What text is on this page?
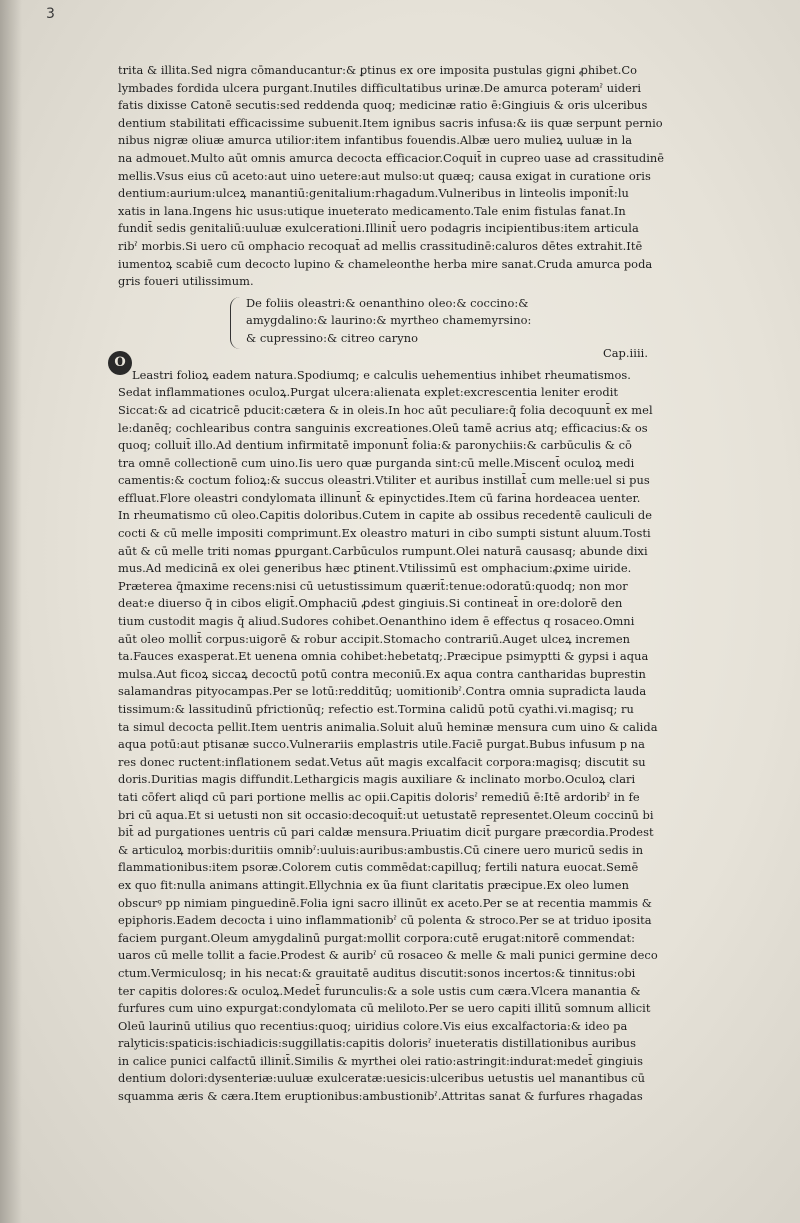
3
trita & illita.Sed nigra cōmanducantur:& ꝑtinus ex ore imposita pustulas gigni ꝓhibet.Co
lymbades fordida ulcera purgant.Inutiles difficultatibus urinæ.De amurca poteramˀ uideri
fatis dixisse Catonē secutis:sed reddenda quoq; medicinæ ratio ē:Gingiuis & oris ulceribus
dentium stabilitati efficacissime subuenit.Item ignibus sacris infusa:& iis quæ serpunt pernio
nibus nigræ oliuæ amurca utilior:item infantibus fouendis.Albæ uero mulieꝝ uuluæ in la
na admouet.Multo aūt omnis amurca decocta efficacior.Coquit̄ in cupreo uase ad crassitudinē
mellis.Vsus eius cū aceto:aut uino uetere:aut mulso:ut quæq; causa exigat in curatione oris
dentium:aurium:ulceꝝ manantiū:genitalium:rhagadum.Vulneribus in linteolis imponit̄:lu
xatis in lana.Ingens hic usus:utique inueterato medicamento.Tale enim fistulas fanat.In
fundit̄ sedis genitaliū:uuluæ exulcerationi.Illinit̄ uero podagris incipientibus:item articula
ribˀ morbis.Si uero cū omphacio recoquat̄ ad mellis crassitudinē:caluros dētes extrahit.Itē
iumentoꝝ scabiē cum decocto lupino & chameleonthe herba mire sanat.Cruda amurca poda
gris foueri utilissimum.
De foliis oleastri:& oenanthino oleo:& coccino:&
amygdalino:& laurino:& myrtheo chamemyrsino:
& cupressino:& citreo caryno
Cap.iiii.
O
Leastri folioꝝ eadem natura.Spodiumq; e calculis uehementius inhibet rheumatismos.
Sedat inflammationes oculoꝝ.Purgat ulcera:alienata explet:excrescentia leniter erodit
Siccat:& ad cicatricē pducit:cætera & in oleis.In hoc aūt peculiare:q̄ folia decoquunt̄ ex mel
le:danēq; cochlearibus contra sanguinis excreationes.Oleū tamē acrius atq; efficacius:& os
quoq; colluit̄ illo.Ad dentium infirmitatē imponunt̄ folia:& paronychiis:& carbūculis & cō
tra omnē collectionē cum uino.Iis uero quæ purganda sint:cū melle.Miscent̄ oculoꝝ medi
camentis:& coctum folioꝝ:& succus oleastri.Vtiliter et auribus instillat̄ cum melle:uel si pus
effluat.Flore oleastri condylomata illinunt̄ & epinyctides.Item cū farina hordeacea uenter.
In rheumatismo cū oleo.Capitis doloribus.Cutem in capite ab ossibus recedentē cauliculi de
cocti & cū melle impositi comprimunt.Ex oleastro maturi in cibo sumpti sistunt aluum.Tosti
aūt & cū melle triti nomas ꝑpurgant.Carbūculos rumpunt.Olei naturā causasq; abunde dixi
mus.Ad medicinā ex olei generibus hæc ꝑtinent.Vtilissimū est omphacium:ꝓxime uiride.
Præterea q̄maxime recens:nisi cū uetustissimum quærit̄:tenue:odoratū:quodq; non mor
deat:e diuerso q̄ in cibos eligit̄.Omphaciū ꝓdest gingiuis.Si contineat̄ in ore:dolorē den
tium custodit magis q̄ aliud.Sudores cohibet.Oenanthino idem ē effectus q rosaceo.Omni
aūt oleo mollit̄ corpus:uigorē & robur accipit.Stomacho contrariū.Auget ulceꝝ incremen
ta.Fauces exasperat.Et uenena omnia cohibet:hebetatq;.Præcipue psimyptti & gypsi i aqua
mulsa.Aut ficoꝝ siccaꝝ decoctū potū contra meconiū.Ex aqua contra cantharidas buprestin
salamandras pityocampas.Per se lotū:redditūq; uomitionibˀ.Contra omnia supradicta lauda
tissimum:& lassitudinū pfrictionūq; refectio est.Tormina calidū potū cyathi.vi.magisq; ru
ta simul decocta pellit.Item uentris animalia.Soluit aluū heminæ mensura cum uino & calida
aqua potū:aut ptisanæ succo.Vulnerariis emplastris utile.Faciē purgat.Bubus infusum p na
res donec ructent:inflationem sedat.Vetus aūt magis excalfacit corpora:magisq; discutit su
doris.Duritias magis diffundit.Lethargicis magis auxiliare & inclinato morbo.Oculoꝝ clari
tati cōfert aliqd cū pari portione mellis ac opii.Capitis dolorisˀ remediū ē:Itē ardoribˀ in fe
bri cū aqua.Et si uetusti non sit occasio:decoquit̄:ut uetustatē representet.Oleum coccinū bi
bit̄ ad purgationes uentris cū pari caldæ mensura.Priuatim dicit̄ purgare præcordia.Prodest
& articuloꝝ morbis:duritiis omnibˀ:uuluis:auribus:ambustis.Cū cinere uero muricū sedis in
flammationibus:item psoræ.Colorem cutis commēdat:capilluq; fertili natura euocat.Semē
ex quo fit:nulla animans attingit.Ellychnia ex ũa fiunt claritatis præcipue.Ex oleo lumen
obscurꝰ pp nimiam pinguedinē.Folia igni sacro illinūt ex aceto.Per se at recentia mammis &
epiphoris.Eadem decocta i uino inflammationibˀ cū polenta & stroco.Per se at triduo iposita
faciem purgant.Oleum amygdalinū purgat:mollit corpora:cutē erugat:nitorē commendat:
uaros cū melle tollit a facie.Prodest & auribˀ cū rosaceo & melle & mali punici germine deco
ctum.Vermiculosq; in his necat:& grauitatē auditus discutit:sonos incertos:& tinnitus:obi
ter capitis dolores:& oculoꝝ.Medet̄ furunculis:& a sole ustis cum cæra.Vlcera manantia &
furfures cum uino expurgat:condylomata cū meliloto.Per se uero capiti illitū somnum allicit
Oleū laurinū utilius quo recentius:quoq; uiridius colore.Vis eius excalfactoria:& ideo pa
ralyticis:spaticis:ischiadicis:suggillatis:capitis dolorisˀ inueteratis distillationibus auribus
in calice punici calfactū illinit̄.Similis & myrthei olei ratio:astringit:indurat:medet̄ gingiuis
dentium dolori:dysenteriæ:uuluæ exulceratæ:uesicis:ulceribus uetustis uel manantibus cū
squamma æris & cæra.Item eruptionibus:ambustionibˀ.Attritas sanat & furfures rhagadas
